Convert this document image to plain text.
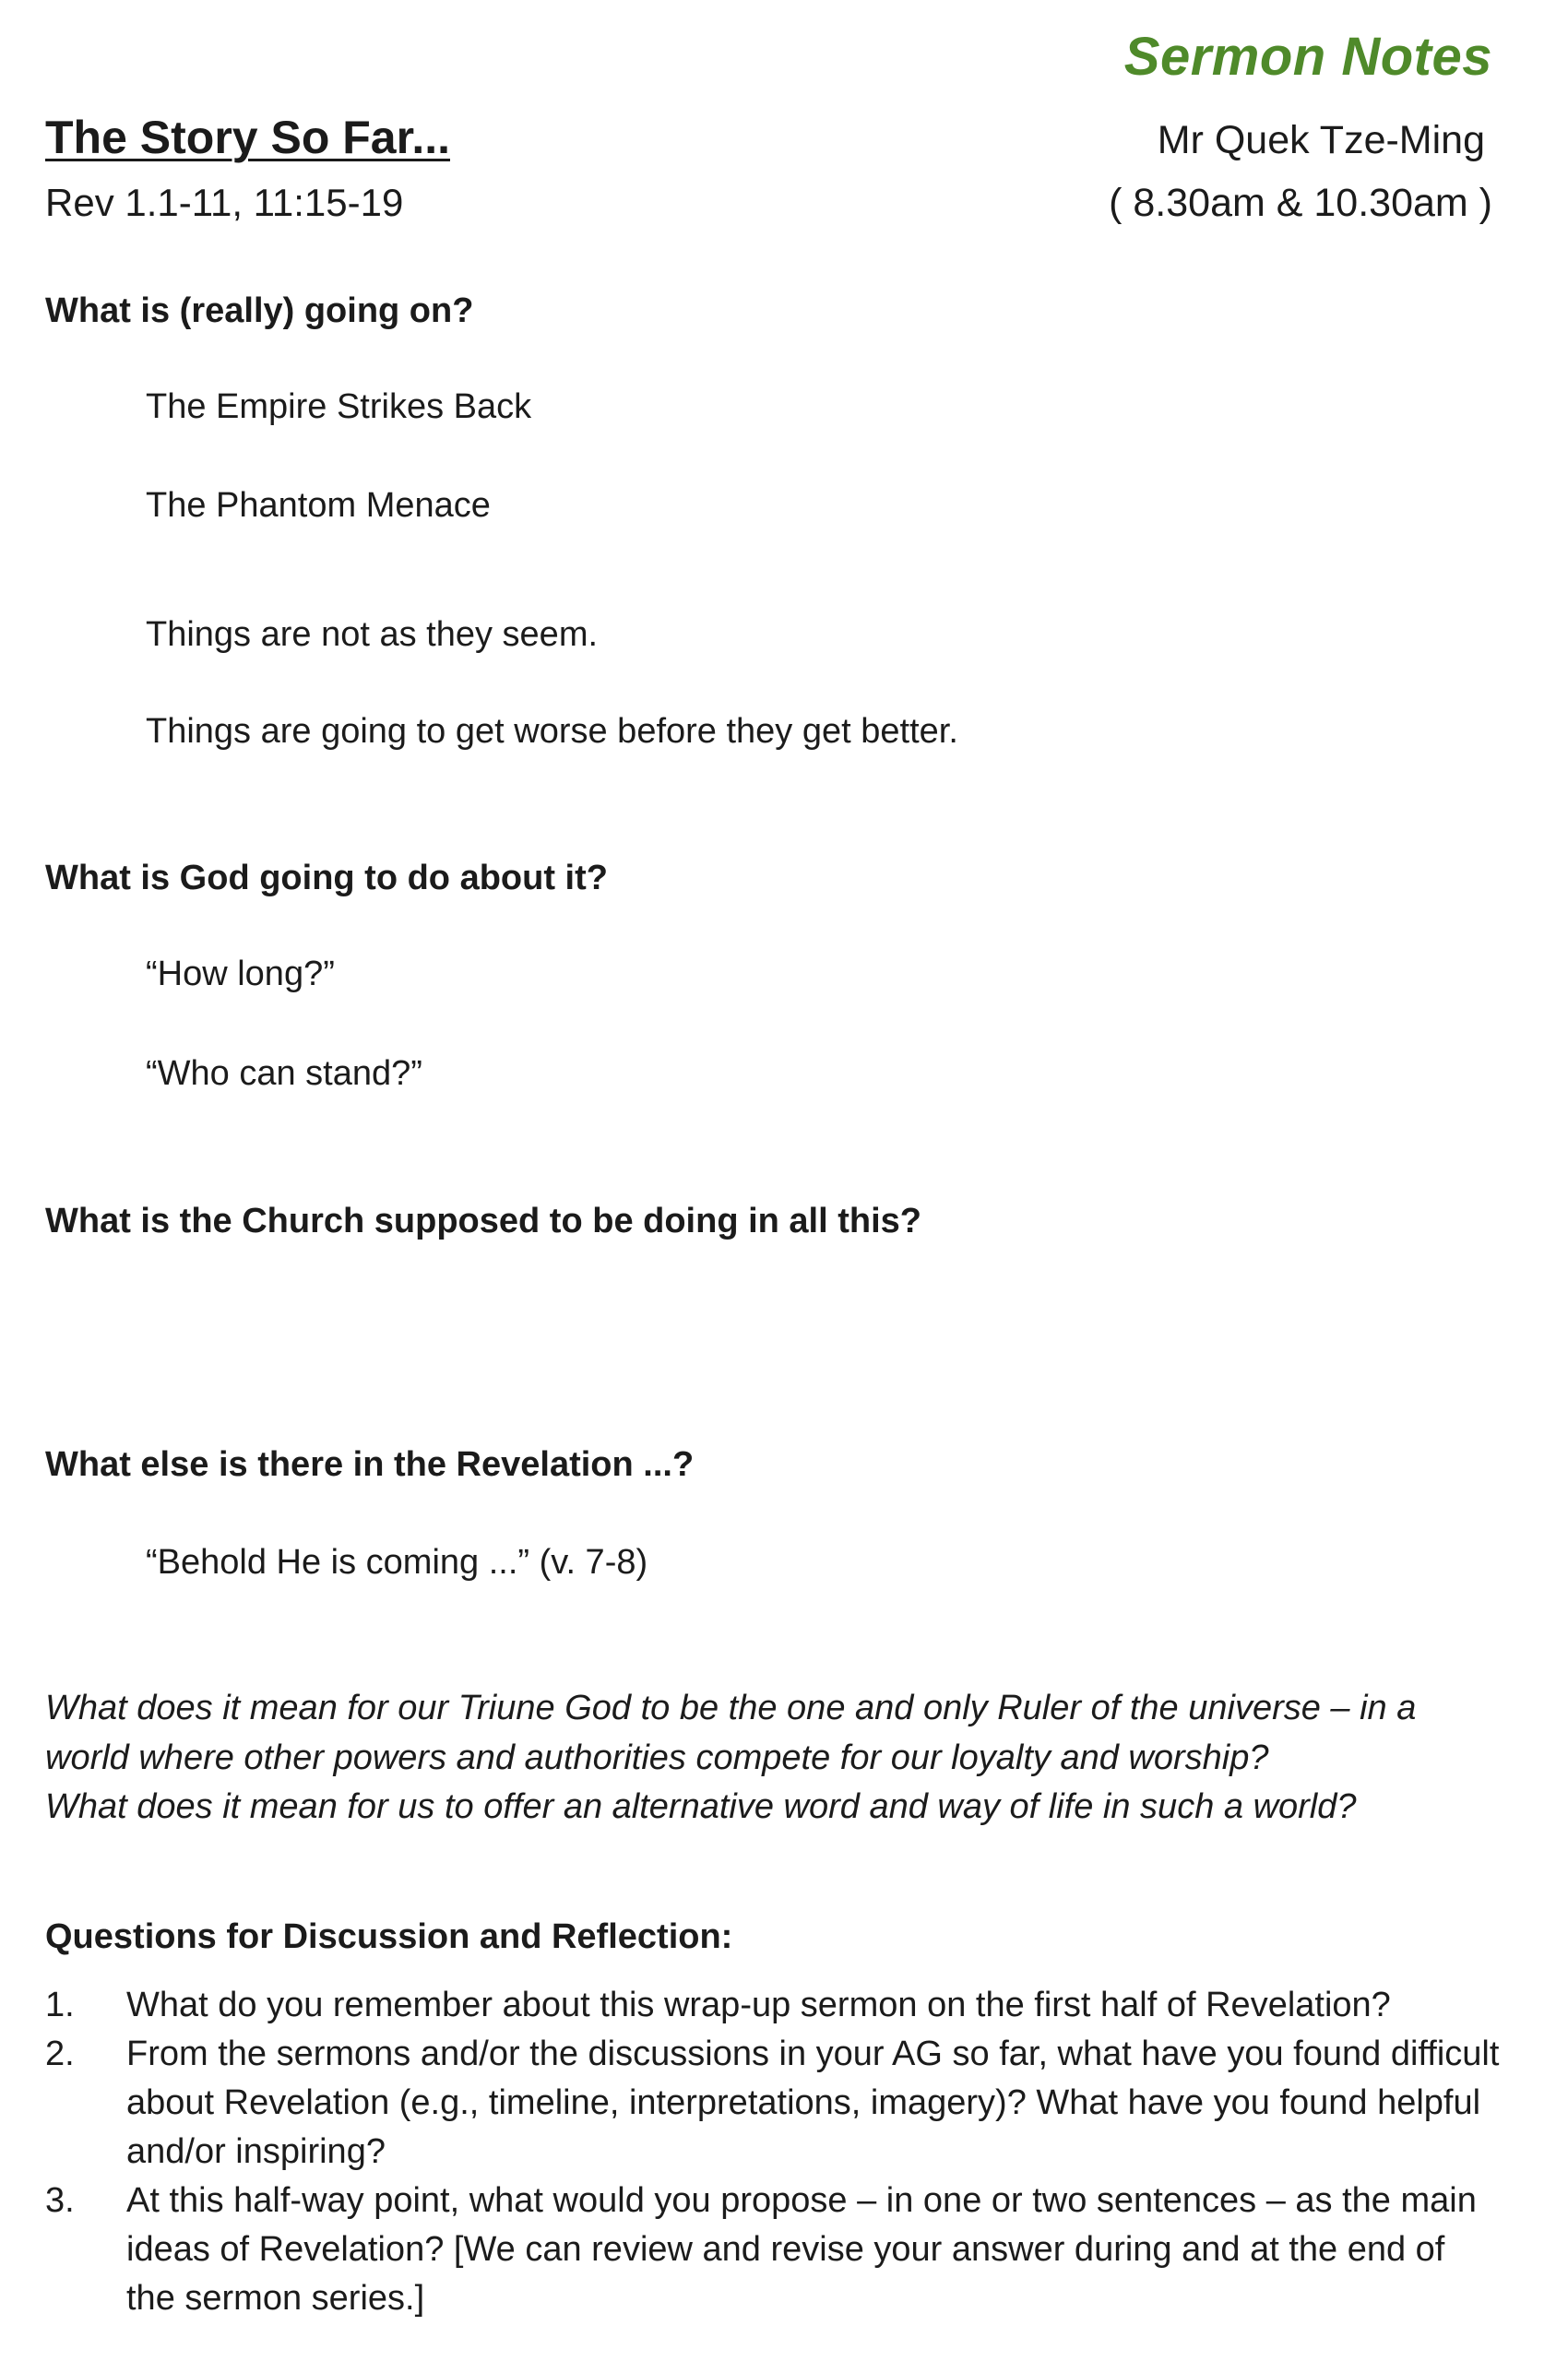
Sermon Notes
The Story So Far...
Rev 1.1-11, 11:15-19
Mr Quek Tze-Ming
( 8.30am & 10.30am )
What is (really) going on?
The Empire Strikes Back
The Phantom Menace
Things are not as they seem.
Things are going to get worse before they get better.
What is God going to do about it?
“How long?”
“Who can stand?”
What is the Church supposed to be doing in all this?
What else is there in the Revelation ...?
“Behold He is coming ...” (v. 7-8)
What does it mean for our Triune God to be the one and only Ruler of the universe – in a
world where other powers and authorities compete for our loyalty and worship?
What does it mean for us to offer an alternative word and way of life in such a world?
Questions for Discussion and Reflection:
1.	What do you remember about this wrap-up sermon on the first half of Revelation?
2.	From the sermons and/or the discussions in your AG so far, what have you found difficult about Revelation (e.g., timeline, interpretations, imagery)? What have you found helpful and/or inspiring?
3.	At this half-way point, what would you propose – in one or two sentences – as the main ideas of Revelation? [We can review and revise your answer during and at the end of the sermon series.]
